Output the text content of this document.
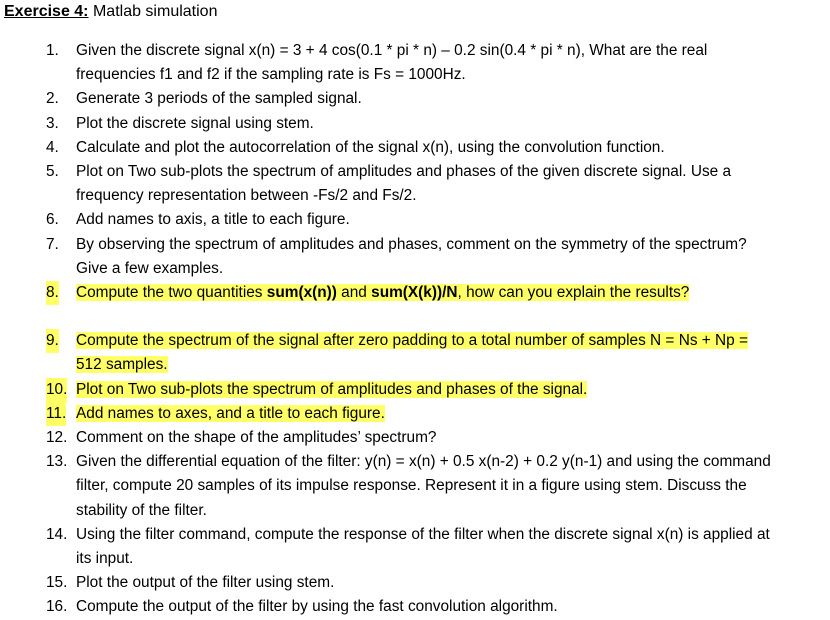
Exercise 4: Matlab simulation
1. Given the discrete signal x(n) = 3 + 4 cos(0.1 * pi * n) – 0.2 sin(0.4 * pi * n), What are the real frequencies f1 and f2 if the sampling rate is Fs = 1000Hz.
2. Generate 3 periods of the sampled signal.
3. Plot the discrete signal using stem.
4. Calculate and plot the autocorrelation of the signal x(n), using the convolution function.
5. Plot on Two sub-plots the spectrum of amplitudes and phases of the given discrete signal. Use a frequency representation between -Fs/2 and Fs/2.
6. Add names to axis, a title to each figure.
7. By observing the spectrum of amplitudes and phases, comment on the symmetry of the spectrum? Give a few examples.
8. Compute the two quantities sum(x(n)) and sum(X(k))/N, how can you explain the results?
9. Compute the spectrum of the signal after zero padding to a total number of samples N = Ns + Np = 512 samples.
10. Plot on Two sub-plots the spectrum of amplitudes and phases of the signal.
11. Add names to axes, and a title to each figure.
12. Comment on the shape of the amplitudes’ spectrum?
13. Given the differential equation of the filter: y(n) = x(n) + 0.5 x(n-2) + 0.2 y(n-1) and using the command filter, compute 20 samples of its impulse response. Represent it in a figure using stem. Discuss the stability of the filter.
14. Using the filter command, compute the response of the filter when the discrete signal x(n) is applied at its input.
15. Plot the output of the filter using stem.
16. Compute the output of the filter by using the fast convolution algorithm.
